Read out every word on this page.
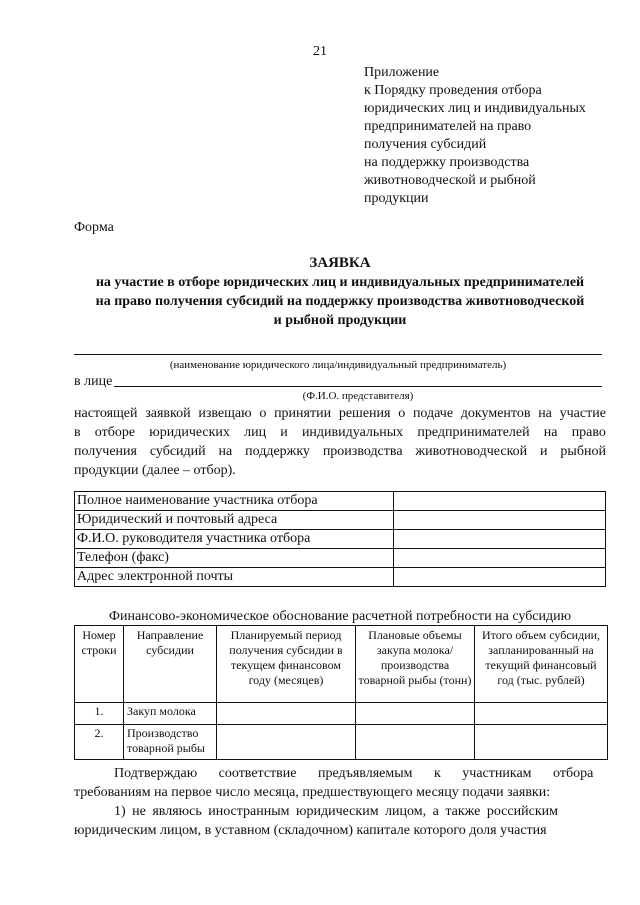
21
Приложение
к Порядку проведения отбора
юридических лиц и индивидуальных
предпринимателей на право
получения субсидий
на поддержку производства
животноводческой и рыбной
продукции
Форма
ЗАЯВКА
на участие в отборе юридических лиц и индивидуальных предпринимателей
на право получения субсидий на поддержку производства животноводческой
и рыбной продукции
(наименование юридического лица/индивидуальный предприниматель)
в лице
(Ф.И.О. представителя)
настоящей заявкой извещаю о принятии решения о подаче документов на участие
в отборе юридических лиц и индивидуальных предпринимателей на право
получения субсидий на поддержку производства животноводческой и рыбной
продукции (далее – отбор).
Полное наименование участника отбора	
Юридический и почтовый адреса	
Ф.И.О. руководителя участника отбора	
Телефон (факс)	
Адрес электронной почты	
Финансово-экономическое обоснование расчетной потребности на субсидию
Номер строки	Направление субсидии	Планируемый период получения субсидии в текущем финансовом году (месяцев)	Плановые объемы закупа молока/ производства товарной рыбы (тонн)	Итого объем субсидии, запланированный на текущий финансовый год (тыс. рублей)
1.	Закуп молока			
2.	Производство товарной рыбы			
Подтверждаю соответствие предъявляемым к участникам отбора
требованиям на первое число месяца, предшествующего месяцу подачи заявки:
1) не являюсь иностранным юридическим лицом, а также российским
юридическим лицом, в уставном (складочном) капитале которого доля участия
